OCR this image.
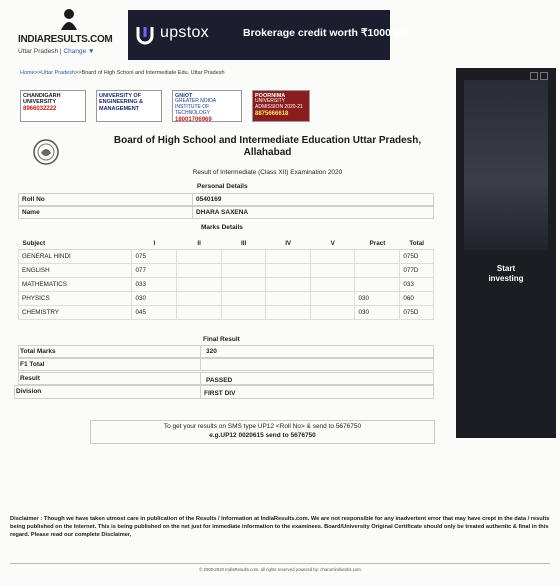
INDIARESULTS.COM
Uttar Pradesh | Change ▼
upstox	Brokerage credit worth ₹1000 at j
Home>>Uttar Pradesh>>Board of High School and Intermediate Edu. Uttar Pradesh
CHANDIGARH
UNIVERSITY
8966032222
UNIVERSITY OF
ENGINEERING &
MANAGEMENT
GNIOT
GREATER NOIDA INSTITUTE OF TECHNOLOGY
18001706969
POORNIMA
UNIVERSITY
ADMISSION 2020-21
8875666618
Start
investing
Board of High School and Intermediate Education Uttar Pradesh,
Allahabad
Result of Intermediate (Class XII) Examination 2020
Personal Details
Roll No	0540169
Name	DHARA SAXENA
Marks Details
Subject	I	II	III	IV	V	Pract	Total
GENERAL HINDI	075						075D
ENGLISH	077						077D
MATHEMATICS	033						033
PHYSICS	030					030	060
CHEMISTRY	045					030	075D
Final Result
Total Marks	320
F1 Total
Result	PASSED
Division	FIRST DIV
To get your results on SMS type UP12 <Roll No> & send to 5676750
e.g.UP12 0020615 send to 5676750
Disclaimer : Though we have taken utmost care in publication of the Results / Information at IndiaResults.com. We are not responsible for any inadvertent error that may have crept in the data / results being published on the Internet. This is being published on the net just for immediate information to the examinees. Board/University Original Certificate should only be treated authentic & final in this regard. Please read our complete Disclaimer,
© 2000-2020 IndiaResults.com, all rights reserved powered by: charumindworks.com
